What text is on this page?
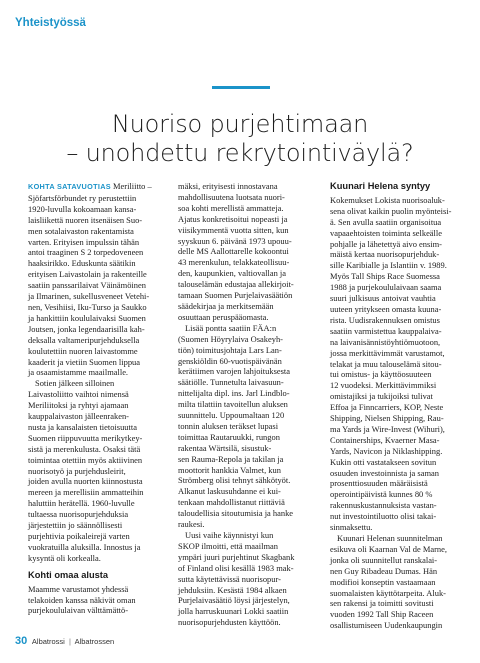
Yhteistyössä
Nuoriso purjehtimaan
– unohdettu rekrytointiväylä?
KOHTA SATAVUOTIAS Meriliitto –
Sjöfartsförbundet ry perustettiin
1920-luvulla kokoamaan kansa-
laisliikettä nuoren itsenäisen Suo-
men sotalaivaston rakentamista
varten. Erityisen impulssin tähän
antoi traaginen S 2 torpedoveneen
haaksirikko. Eduskunta säätikin
erityisen Laivastolain ja rakenteille
saatiin panssarilaivat Väinämöinen
ja Ilmarinen, sukellusveneet Vetehi-
nen, Vesihiisi, Iku-Turso ja Saukko
ja hankittiin koululaivaksi Suomen
Joutsen, jonka legendaarisilla kah-
deksalla valtameripurjehduksella
koulutettiin nuoren laivastomme
kaaderit ja vietiin Suomen lippua
ja osaamistamme maailmalle.
Sotien jälkeen silloinen
Laivastoliitto vaihtoi nimensä
Meriliitoksi ja ryhtyi ajamaan
kauppalaivaston jälleenraken-
nusta ja kansalaisten tietoisuutta
Suomen riippuvuutta merikytkey-
sistä ja merenkulusta. Osaksi tätä
toimintaa otettiin myös aktiivinen
nuorisotyö ja purjehdusleirit,
joiden avulla nuorten kiinnostusta
mereen ja merellisiin ammatteihin
haluttiin herätellä. 1960-luvulle
tultaessa nuorisopurjehduksia
järjestettiin jo säännöllisesti
purjehtivia poikaleirejä varten
vuokratuilla aluksilla. Innostus ja
kysyntä oli korkealla.
Kohti omaa alusta
Maamme varustamot yhdessä
telakoiden kanssa näkivät oman
purjekoululaivan välttämättö-
mäksi, erityisesti innostavana
mahdollisuutena luotsata nuori-
soa kohti merellistä ammatteja.
Ajatus konkretisoitui nopeasti ja
viisikymmentä vuotta sitten, kun
syyskuun 6. päivänä 1973 upouu-
delle MS Aallottarelle kokoontui
43 merenkulun, telakkateollisuu-
den, kaupunkien, valtiovallan ja
talouselämän edustajaa allekirjoit-
tamaan Suomen Purjelaivasäätiön
säädekirjaa ja merkitsemään
osuuttaan peruspääomasta.
Lisää pontta saatiin FÄA:n
(Suomen Höyrylaiva Osakeyh-
tiön) toimitusjohtaja Lars Lan-
genskiöldin 60-vuotispäivänän
kerätiimen varojen lahjoituksesta
säätiölle. Tunnetulta laivasuun-
nittelijalta dipl. ins. Jarl Lindblo-
milta tilattiin tavoitellun aluksen
suunnittelu. Uppoumaltaan 120
tonnin aluksen teräkset lupasi
toimittaa Rautaruukki, rungon
rakentaa Wärtsilä, sisustuk-
sen Rauma-Repola ja takilan ja
moottorit hankkia Valmet, kun
Strömberg olisi tehnyt sähkötyöt.
Alkanut laskusuhdanne ei kui-
tenkaan mahdollistanut riittäviä
taloudellisia sitoutumisia ja hanke
raukesi.
Uusi vaihe käynnistyi kun
SKOP ilmoitti, että maailman
ympäri juuri purjehtinut Skagbank
of Finland olisi kesällä 1983 mak-
sutta käytettävissä nuorisopur-
jehduksiin. Kesästä 1984 alkaen
Purjelaivasäätiö löysi järjestelyn,
jolla harruskuunari Lokki saatiin
nuorisopurjehdusten käyttöön.
Kuunari Helena syntyy
Kokemukset Lokista nuorisoaluk-
sena olivat kaikin puolin myönteisi-
ä. Sen avulla saatiin organisoitua
vapaaehtoisten toiminta selkeälle
pohjalle ja lähetettyä aivo ensim-
mäistä kertaa nuorisopurjehduk-
sille Karibialle ja Islantiin v. 1989.
Myös Tall Ships Race Suomessa
1988 ja purjekoululaivaan saama
suuri julkisuus antoivat vauhtia
uuteen yritykseen omasta kuuna-
rista. Uudisrakennuksen omistus
saatiin varmistettua kauppalaiva-
na laivanisännistöyhtiömuotoon,
jossa merkittävimmät varustamot,
telakat ja muu talouselämä sitou-
tui omistus- ja käyttöosuuteen
12 vuodeksi. Merkittävimmiksi
omistajiksi ja tukijoiksi tulivat
Effoa ja Finncarriers, KOP, Neste
Shipping, Nielsen Shipping, Rau-
ma Yards ja Wire-Invest (Wihuri),
Containerships, Kvaerner Masa-
Yards, Navicon ja Niklashipping.
Kukin otti vastatakseen sovitun
osuuden investoinnista ja saman
prosenttiosuuden määräisistä
operointipäivistä kunnes 80 %
rakennuskustannuksista vastan-
nut investointiluotto olisi takai-
sinmaksettu.
Kuunari Helenan suunnitelman
esikuva oli Kaarnan Val de Marne,
jonka oli suunnitellut ranskalai-
nen Guy Ribadeau Dumas. Hän
modifioi konseptin vastaamaan
suomalaisten käyttötarpeita. Aluk-
sen rakensi ja toimitti sovitusti
vuoden 1992 Tall Ship Raceen
osallistumiseen Uudenkaupungin
30 Albatrossi | Albatrossen
